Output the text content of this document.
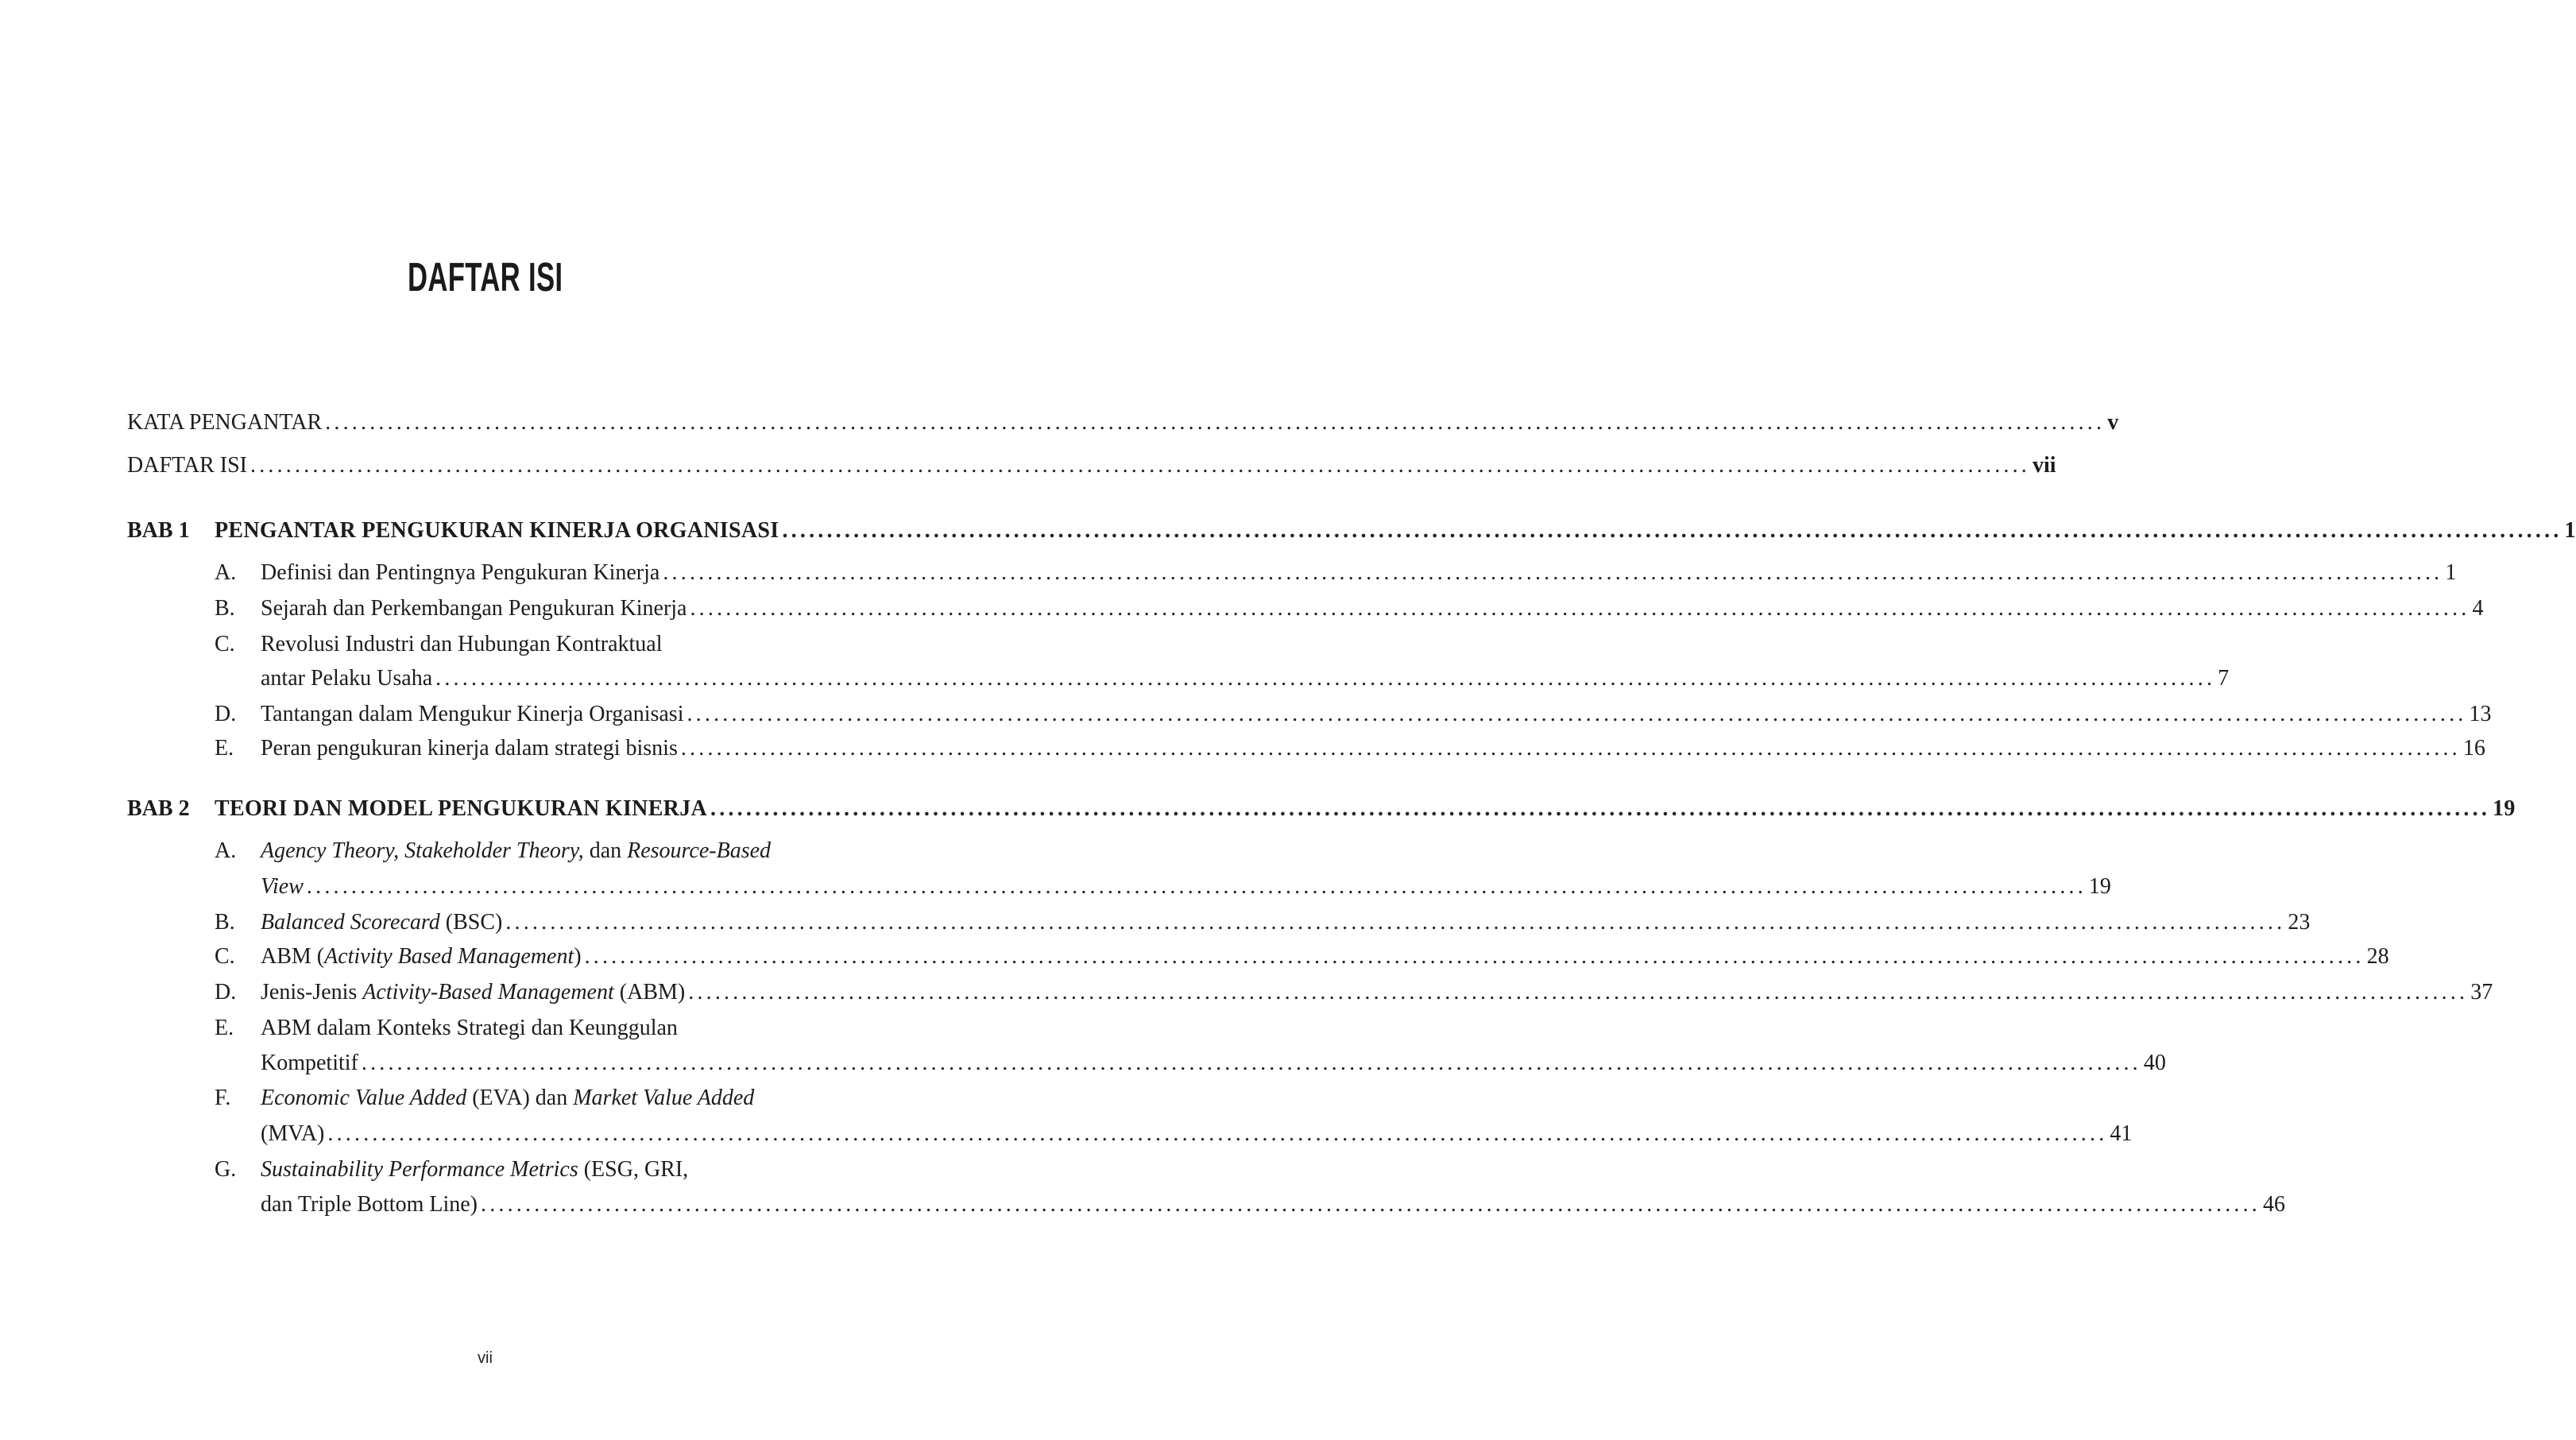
DAFTAR ISI
KATA PENGANTAR ........................................................................................................................................................................................................ v
DAFTAR ISI ........................................................................................................................................................................................................ vii
BAB 1 PENGANTAR PENGUKURAN KINERJA ORGANISASI ........................................................................................................................................................................................................ 1
A. Definisi dan Pentingnya Pengukuran Kinerja ........................................................................................................................................................................................................ 1
B. Sejarah dan Perkembangan Pengukuran Kinerja ........................................................................................................................................................................................................ 4
C. Revolusi Industri dan Hubungan Kontraktual
antar Pelaku Usaha ........................................................................................................................................................................................................ 7
D. Tantangan dalam Mengukur Kinerja Organisasi ........................................................................................................................................................................................................ 13
E. Peran pengukuran kinerja dalam strategi bisnis ........................................................................................................................................................................................................ 16
BAB 2 TEORI DAN MODEL PENGUKURAN KINERJA ........................................................................................................................................................................................................ 19
A. Agency Theory, Stakeholder Theory, dan Resource-Based
View ........................................................................................................................................................................................................ 19
B. Balanced Scorecard (BSC) ........................................................................................................................................................................................................ 23
C. ABM (Activity Based Management) ........................................................................................................................................................................................................ 28
D. Jenis-Jenis Activity-Based Management (ABM) ........................................................................................................................................................................................................ 37
E. ABM dalam Konteks Strategi dan Keunggulan
Kompetitif ........................................................................................................................................................................................................ 40
F. Economic Value Added (EVA) dan Market Value Added
(MVA) ........................................................................................................................................................................................................ 41
G. Sustainability Performance Metrics (ESG, GRI,
dan Triple Bottom Line) ........................................................................................................................................................................................................ 46
vii
